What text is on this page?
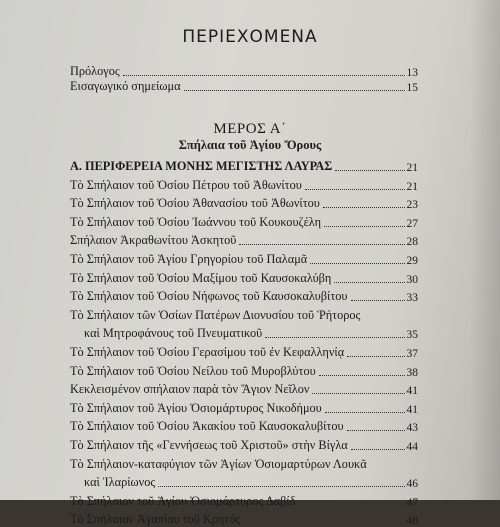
ΠΕΡΙΕΧΟΜΕΝΑ
Πρόλογος	13
Εισαγωγικό σημείωμα	15
ΜΕΡΟΣ Α΄
Σπήλαια τοῦ Ἁγίου Ὄρους
Α. ΠΕΡΙΦΕΡΕΙΑ ΜΟΝΗΣ ΜΕΓΙΣΤΗΣ ΛΑΥΡΑΣ	21
Τὸ Σπήλαιον τοῦ Ὁσίου Πέτρου τοῦ Ἀθωνίτου	21
Τὸ Σπήλαιον τοῦ Ὁσίου Ἀθανασίου τοῦ Ἀθωνίτου	23
Τὸ Σπήλαιον τοῦ Ὁσίου Ἰωάννου τοῦ Κουκουζέλη	27
Σπήλαιον Ἀκραθωνίτου Ἀσκητοῦ	28
Τὸ Σπήλαιον τοῦ Ἁγίου Γρηγορίου τοῦ Παλαμᾶ	29
Τὸ Σπήλαιον τοῦ Ὁσίου Μαξίμου τοῦ Καυσοκαλύβη	30
Τὸ Σπήλαιον τοῦ Ὁσίου Νήφωνος τοῦ Καυσοκαλυβίτου	33
Τὸ Σπήλαιον τῶν Ὁσίων Πατέρων Διονυσίου τοῦ Ῥήτορος
καὶ Μητροφάνους τοῦ Πνευματικοῦ	35
Τὸ Σπήλαιον τοῦ Ὁσίου Γερασίμου τοῦ ἐν Κεφαλληνίᾳ	37
Τὸ Σπήλαιον τοῦ Ὁσίου Νείλου τοῦ Μυροβλύτου	38
Κεκλεισμένον σπήλαιον παρὰ τὸν Ἅγιον Νεῖλον	41
Τὸ Σπήλαιον τοῦ Ἁγίου Ὁσιομάρτυρος Νικοδήμου	41
Τὸ Σπήλαιον τοῦ Ὁσίου Ἀκακίου τοῦ Καυσοκαλυβίτου	43
Τὸ Σπήλαιον τῆς «Γεννήσεως τοῦ Χριστοῦ» στὴν Βίγλα	44
Τὸ Σπήλαιον-καταφύγιον τῶν Ἁγίων Ὁσιομαρτύρων Λουκᾶ
καὶ Ἰλαρίωνος	46
Τὸ Σπήλαιον τοῦ Ἁγίου Ὁσιομάρτυρος Δαβίδ	47
Τὸ Σπήλαιον Ἀγαπίου τοῦ Κρητός	48
